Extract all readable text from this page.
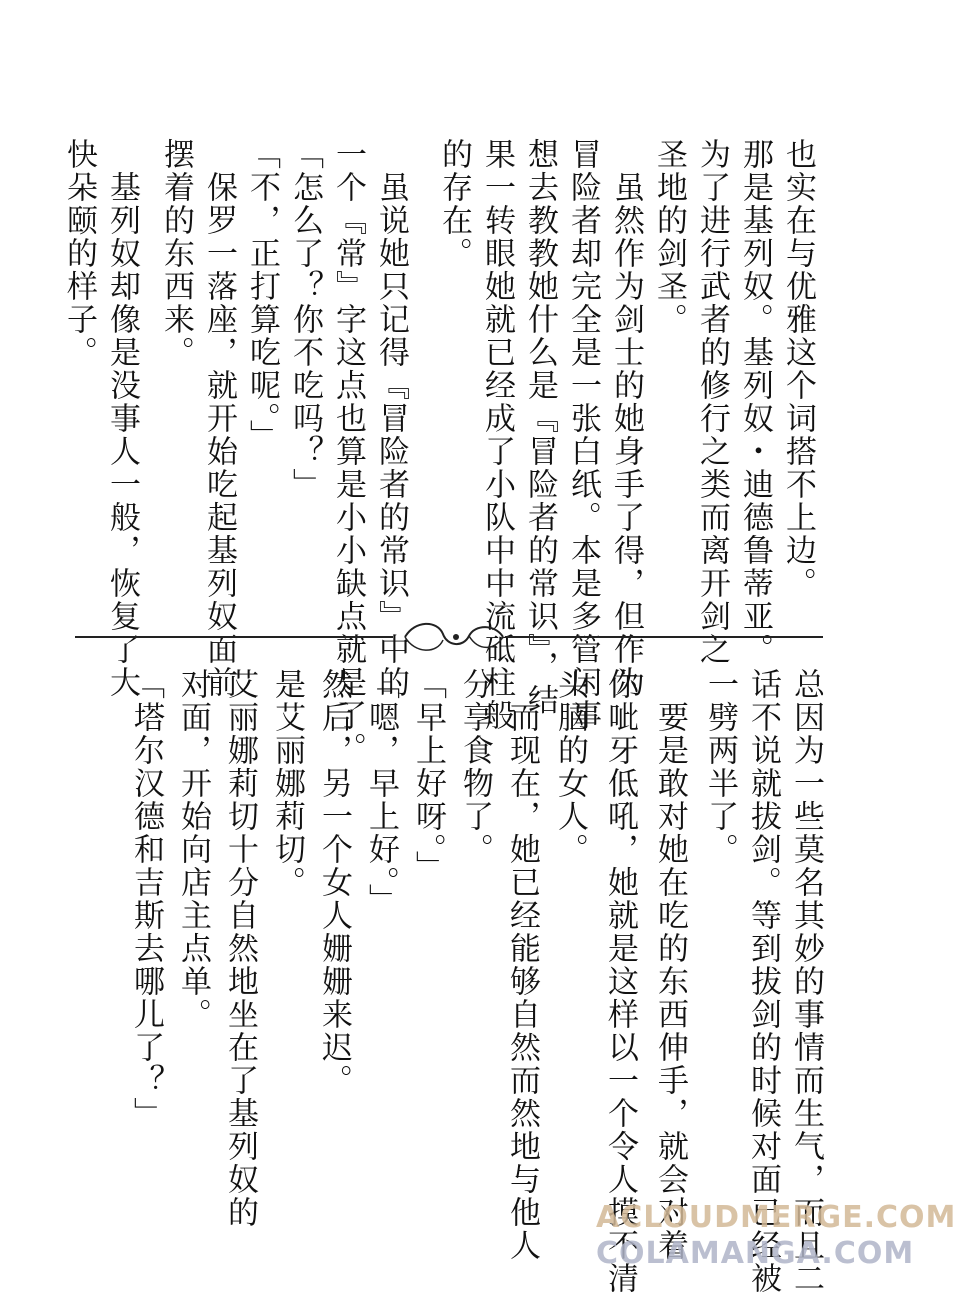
也实在与优雅这个词搭不上边。
那是基列奴。基列奴・迪德鲁蒂亚。
为了进行武者的修行之类而离开剑之
圣地的剑圣。
虽然作为剑士的她身手了得，但作为
冒险者却完全是一张白纸。本是多管闲事
想去教教她什么是『冒险者的常识』，结
果一转眼她就已经成了小队中中流砥柱般
的存在。
虽说她只记得『冒险者的常识』中的
一个『常』字这点也算是小小缺点就是了。
「怎么了？你不吃吗？」
「不，正打算吃呢。」
保罗一落座，就开始吃起基列奴面前
摆着的东西来。
基列奴却像是没事人一般，恢复了大
快朵颐的样子。
总因为一些莫名其妙的事情而生气，而且二
话不说就拔剑。等到拔剑的时候对面已经被
一劈两半了。
要是敢对她在吃的东西伸手，就会对着
你呲牙低吼，她就是这样以一个令人摸不清
头脑的女人。
而现在，她已经能够自然而然地与他人
分享食物了。
「早上好呀。」
「嗯，早上好。」
然后，另一个女人姗姗来迟。
是艾丽娜莉切。
艾丽娜莉切十分自然地坐在了基列奴的
对面，开始向店主点单。
「塔尔汉德和吉斯去哪儿了？」
ACLOUDMERGE.COM
COLAMANGA.COM
